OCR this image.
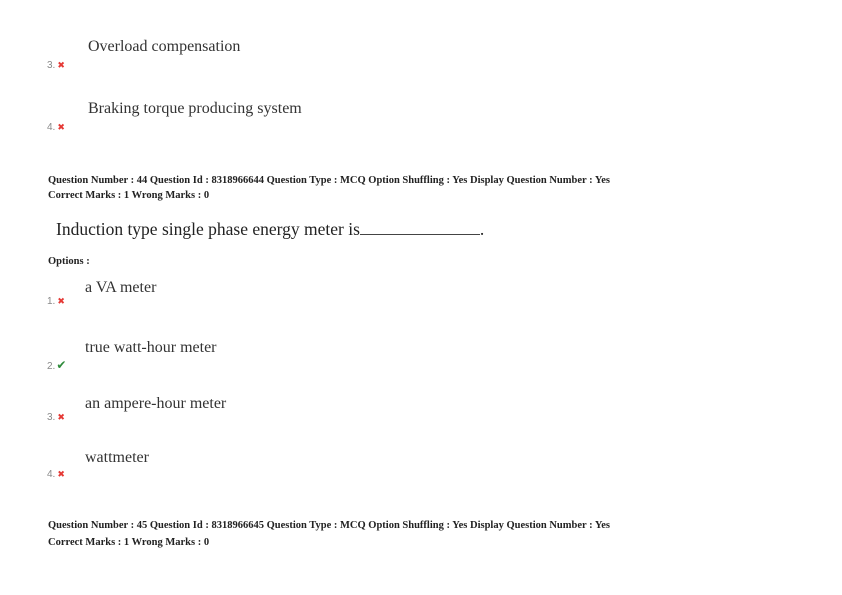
Overload compensation
3. ✖
Braking torque producing system
4. ✖
Question Number : 44 Question Id : 8318966644 Question Type : MCQ Option Shuffling : Yes Display Question Number : Yes
Correct Marks : 1 Wrong Marks : 0
Induction type single phase energy meter is	.
Options :
a VA meter
1. ✖
true watt-hour meter
2.✔
an ampere-hour meter
3. ✖
wattmeter
4. ✖
Question Number : 45 Question Id : 8318966645 Question Type : MCQ Option Shuffling : Yes Display Question Number : Yes
Correct Marks : 1 Wrong Marks : 0
